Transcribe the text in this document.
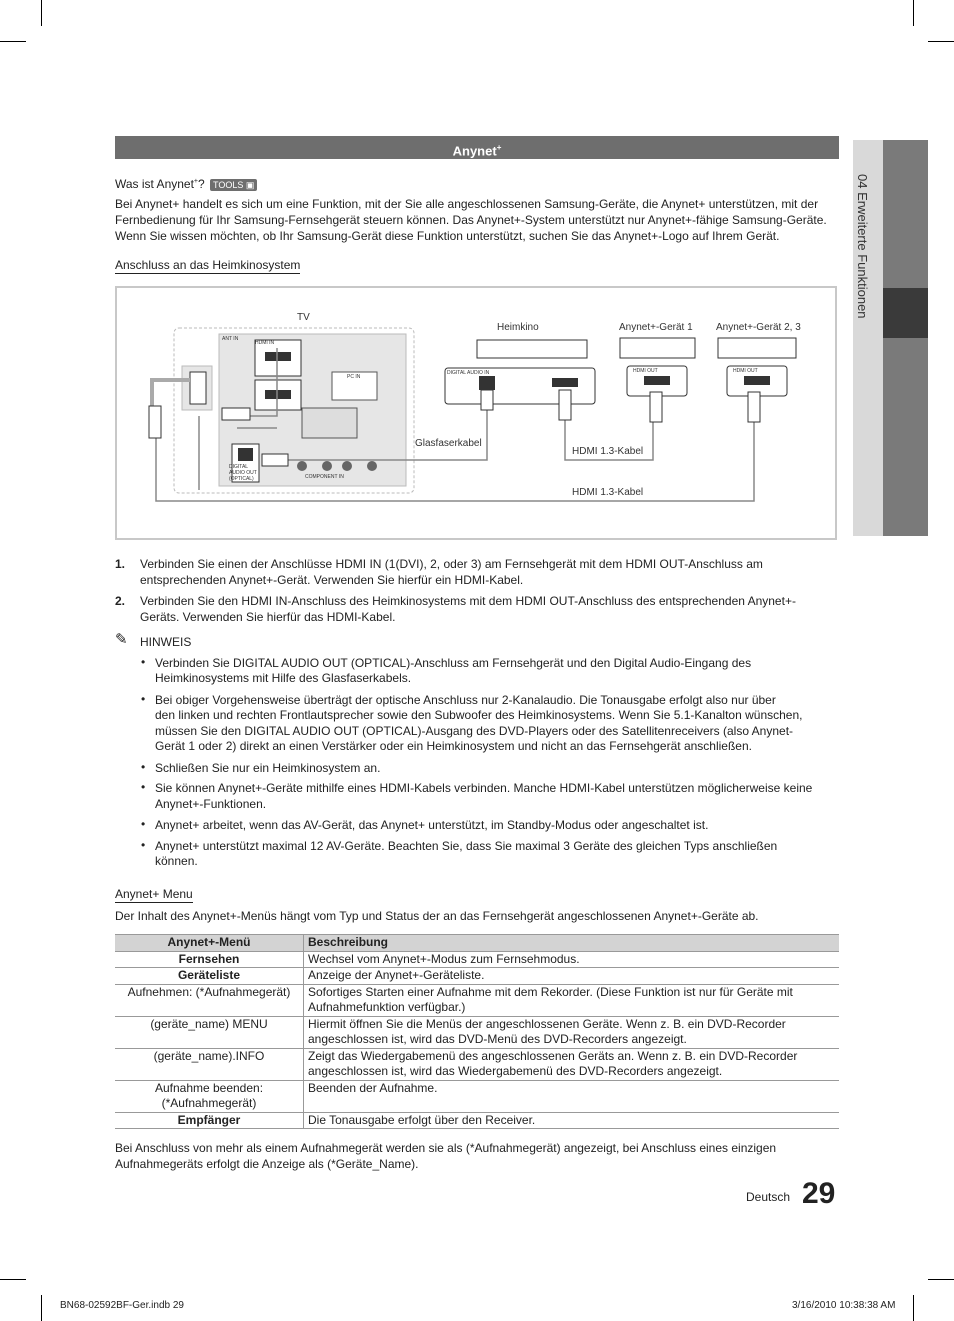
Anynet+
04 Erweiterte Funktionen
Was ist Anynet+? TOOLS ▣
Bei Anynet+ handelt es sich um eine Funktion, mit der Sie alle angeschlossenen Samsung-Geräte, die Anynet+ unterstützen, mit der
Fernbedienung für Ihr Samsung-Fernsehgerät steuern können. Das Anynet+-System unterstützt nur Anynet+-fähige Samsung-Geräte.
Wenn Sie wissen möchten, ob Ihr Samsung-Gerät diese Funktion unterstützt, suchen Sie das Anynet+-Logo auf Ihrem Gerät.
Anschluss an das Heimkinosystem
TV
Heimkino	Anynet+-Gerät 1 Anynet+-Gerät 2, 3
Glasfaserkabel
HDMI 1.3-Kabel
HDMI 1.3-Kabel
HDMI IN
DIGITAL AUDIO IN	HDMI OUT	HDMI OUT
DIGITAL AUDIO OUT (OPTICAL)	COMPONENT IN
ANT IN
PC IN
1. Verbinden Sie einen der Anschlüsse HDMI IN (1(DVI), 2, oder 3) am Fernsehgerät mit dem HDMI OUT-Anschluss am
entsprechenden Anynet+-Gerät. Verwenden Sie hierfür ein HDMI-Kabel.
2. Verbinden Sie den HDMI IN-Anschluss des Heimkinosystems mit dem HDMI OUT-Anschluss des entsprechenden Anynet+-
Geräts. Verwenden Sie hierfür das HDMI-Kabel.
✎ HINWEIS
• Verbinden Sie DIGITAL AUDIO OUT (OPTICAL)-Anschluss am Fernsehgerät und den Digital Audio-Eingang des
Heimkinosystems mit Hilfe des Glasfaserkabels.
• Bei obiger Vorgehensweise überträgt der optische Anschluss nur 2-Kanalaudio. Die Tonausgabe erfolgt also nur über
den linken und rechten Frontlautsprecher sowie den Subwoofer des Heimkinosystems. Wenn Sie 5.1-Kanalton wünschen,
müssen Sie den DIGITAL AUDIO OUT (OPTICAL)-Ausgang des DVD-Players oder des Satellitenreceivers (also Anynet-
Gerät 1 oder 2) direkt an einen Verstärker oder ein Heimkinosystem und nicht an das Fernsehgerät anschließen.
• Schließen Sie nur ein Heimkinosystem an.
• Sie können Anynet+-Geräte mithilfe eines HDMI-Kabels verbinden. Manche HDMI-Kabel unterstützen möglicherweise keine
Anynet+-Funktionen.
• Anynet+ arbeitet, wenn das AV-Gerät, das Anynet+ unterstützt, im Standby-Modus oder angeschaltet ist.
• Anynet+ unterstützt maximal 12 AV-Geräte. Beachten Sie, dass Sie maximal 3 Geräte des gleichen Typs anschließen
können.
Anynet+ Menu
Der Inhalt des Anynet+-Menüs hängt vom Typ und Status der an das Fernsehgerät angeschlossenen Anynet+-Geräte ab.
Anynet+-Menü	Beschreibung
Fernsehen	Wechsel vom Anynet+-Modus zum Fernsehmodus.
Geräteliste	Anzeige der Anynet+-Geräteliste.
Aufnehmen: (*Aufnahmegerät)	Sofortiges Starten einer Aufnahme mit dem Rekorder. (Diese Funktion ist nur für Geräte mit Aufnahmefunktion verfügbar.)
(geräte_name) MENU	Hiermit öffnen Sie die Menüs der angeschlossenen Geräte. Wenn z. B. ein DVD-Recorder angeschlossen ist, wird das DVD-Menü des DVD-Recorders angezeigt.
(geräte_name).INFO	Zeigt das Wiedergabemenü des angeschlossenen Geräts an. Wenn z. B. ein DVD-Recorder angeschlossen ist, wird das Wiedergabemenü des DVD-Recorders angezeigt.
Aufnahme beenden: (*Aufnahmegerät)	Beenden der Aufnahme.
Empfänger	Die Tonausgabe erfolgt über den Receiver.
Bei Anschluss von mehr als einem Aufnahmegerät werden sie als (*Aufnahmegerät) angezeigt, bei Anschluss eines einzigen
Aufnahmegeräts erfolgt die Anzeige als (*Geräte_Name).
Deutsch 29
BN68-02592BF-Ger.indb 29	3/16/2010 10:38:38 AM
